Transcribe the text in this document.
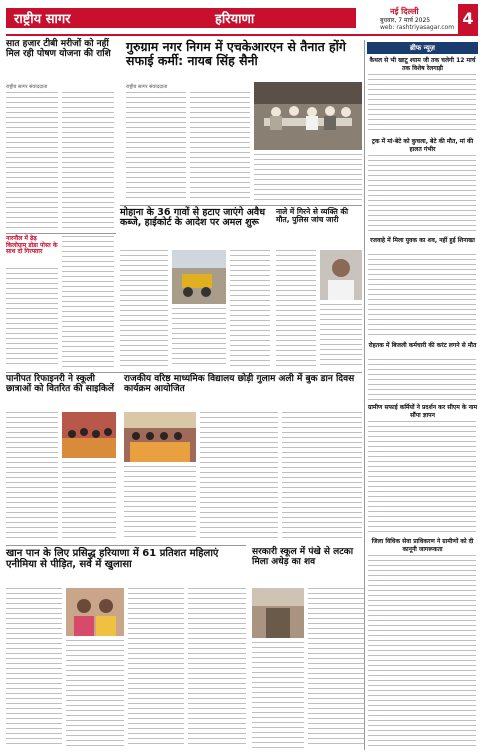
राष्ट्रीय सागर	हरियाणा
नई दिल्ली
बुधवार, 7 मार्च 2025
web: rashtriyasagar.com 4
सात हजार टीबी मरीजों को नहीं मिल रही पोषण योजना की राशि
राष्ट्रीय सागर संवाददाता
नारनौल में ढेढ़ किलोग्राम डोडा पोस्त के साथ दो गिरफ्तार
गुरुग्राम नगर निगम में एचकेआरएन से तैनात होंगे सफाई कर्मी: नायब सिंह सैनी
राष्ट्रीय सागर संवाददाता
मोहाना के 36 गावों से हटाए जाएंगे अवैध कब्जे, हाईकोर्ट के आदेश पर अमल शुरू
नाले में गिरने से व्यक्ति की मौत, पुलिस जांच जारी
पानीपत रिफाइनरी ने स्कूली छात्राओं को वितरित की साइकिलें
राजकीय वरिष्ठ माध्यमिक विद्यालय छोड़ी गुलाम अली में बुक डान दिवस कार्यक्रम आयोजित
खान पान के लिए प्रसिद्ध हरियाणा में 61 प्रतिशत महिलाएं एनीमिया से पीड़ित, सर्वे में खुलासा
सरकारी स्कूल में पंखे से लटका मिला अधेड़ का शव
ब्रीफ न्यूज़
कैथल से भी खाटू श्याम जी तक चलेगी 12 मार्च तक विशेष रेलगाड़ी
ट्रक में मां-बेटे को कुचला, बेटे की मौत, मां की हालत गंभीर
रजवाहे में मिला युवक का शव, नहीं हुई शिनाख्त
रोहतक में बिजली कर्मचारी की करंट लगने से मौत
ग्रामीण सफाई कर्मियों ने प्रदर्शन कर सीएम के नाम सौंपा ज्ञापन
जिला विधिक सेवा प्राधिकरण ने ग्रामीणों को दी कानूनी जागरूकता
